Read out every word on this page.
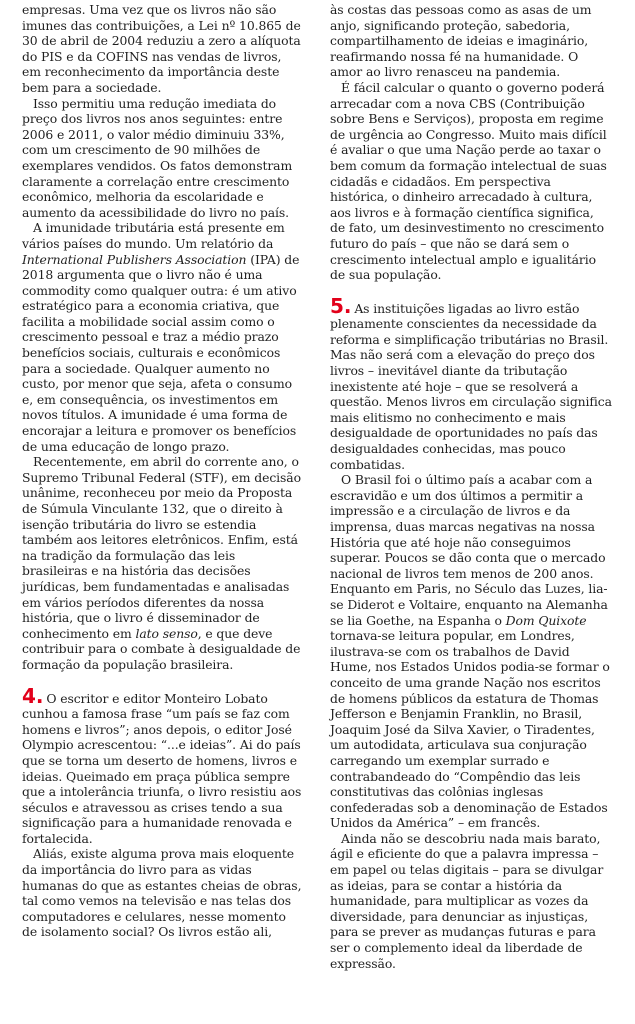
empresas. Uma vez que os livros não são imunes das contribuições, a Lei nº 10.865 de 30 de abril de 2004 reduziu a zero a alíquota do PIS e da COFINS nas vendas de livros, em reconhecimento da importância deste bem para a sociedade.

Isso permitiu uma redução imediata do preço dos livros nos anos seguintes: entre 2006 e 2011, o valor médio diminuiu 33%, com um crescimento de 90 milhões de exemplares vendidos. Os fatos demonstram claramente a correlação entre crescimento econômico, melhoria da escolaridade e aumento da acessibilidade do livro no país.

A imunidade tributária está presente em vários países do mundo. Um relatório da International Publishers Association (IPA) de 2018 argumenta que o livro não é uma commodity como qualquer outra: é um ativo estratégico para a economia criativa, que facilita a mobilidade social assim como o crescimento pessoal e traz a médio prazo benefícios sociais, culturais e econômicos para a sociedade. Qualquer aumento no custo, por menor que seja, afeta o consumo e, em consequência, os investimentos em novos títulos. A imunidade é uma forma de encorajar a leitura e promover os benefícios de uma educação de longo prazo.

Recentemente, em abril do corrente ano, o Supremo Tribunal Federal (STF), em decisão unânime, reconheceu por meio da Proposta de Súmula Vinculante 132, que o direito à isenção tributária do livro se estendia também aos leitores eletrônicos. Enfim, está na tradição da formulação das leis brasileiras e na história das decisões jurídicas, bem fundamentadas e analisadas em vários períodos diferentes da nossa história, que o livro é disseminador de conhecimento em lato senso, e que deve contribuir para o combate à desigualdade de formação da população brasileira.

4. O escritor e editor Monteiro Lobato cunhou a famosa frase “um país se faz com homens e livros”; anos depois, o editor José Olympio acrescentou: “...e ideias”. Ai do país que se torna um deserto de homens, livros e ideias. Queimado em praça pública sempre que a intolerância triunfa, o livro resistiu aos séculos e atravessou as crises tendo a sua significação para a humanidade renovada e fortalecida.

Aliás, existe alguma prova mais eloquente da importância do livro para as vidas humanas do que as estantes cheias de obras, tal como vemos na televisão e nas telas dos computadores e celulares, nesse momento de isolamento social? Os livros estão ali,

às costas das pessoas como as asas de um anjo, significando proteção, sabedoria, compartilhamento de ideias e imaginário, reafirmando nossa fé na humanidade. O amor ao livro renasceu na pandemia.

É fácil calcular o quanto o governo poderá arrecadar com a nova CBS (Contribuição sobre Bens e Serviços), proposta em regime de urgência ao Congresso. Muito mais difícil é avaliar o que uma Nação perde ao taxar o bem comum da formação intelectual de suas cidadãs e cidadãos. Em perspectiva histórica, o dinheiro arrecadado à cultura, aos livros e à formação científica significa, de fato, um desinvestimento no crescimento futuro do país – que não se dará sem o crescimento intelectual amplo e igualitário de sua população.

5. As instituições ligadas ao livro estão plenamente conscientes da necessidade da reforma e simplificação tributárias no Brasil. Mas não será com a elevação do preço dos livros – inevitável diante da tributação inexistente até hoje – que se resolverá a questão. Menos livros em circulação significa mais elitismo no conhecimento e mais desigualdade de oportunidades no país das desigualdades conhecidas, mas pouco combatidas.

O Brasil foi o último país a acabar com a escravidão e um dos últimos a permitir a impressão e a circulação de livros e da imprensa, duas marcas negativas na nossa História que até hoje não conseguimos superar. Poucos se dão conta que o mercado nacional de livros tem menos de 200 anos. Enquanto em Paris, no Século das Luzes, lia-se Diderot e Voltaire, enquanto na Alemanha se lia Goethe, na Espanha o Dom Quixote tornava-se leitura popular, em Londres, ilustrava-se com os trabalhos de David Hume, nos Estados Unidos podia-se formar o conceito de uma grande Nação nos escritos de homens públicos da estatura de Thomas Jefferson e Benjamin Franklin, no Brasil, Joaquim José da Silva Xavier, o Tiradentes, um autodidata, articulava sua conjuração carregando um exemplar surrado e contrabandeado do “Compêndio das leis constitutivas das colônias inglesas confederadas sob a denominação de Estados Unidos da América” – em francês.

Ainda não se descobriu nada mais barato, ágil e eficiente do que a palavra impressa – em papel ou telas digitais – para se divulgar as ideias, para se contar a história da humanidade, para multiplicar as vozes da diversidade, para denunciar as injustiças, para se prever as mudanças futuras e para ser o complemento ideal da liberdade de expressão.
